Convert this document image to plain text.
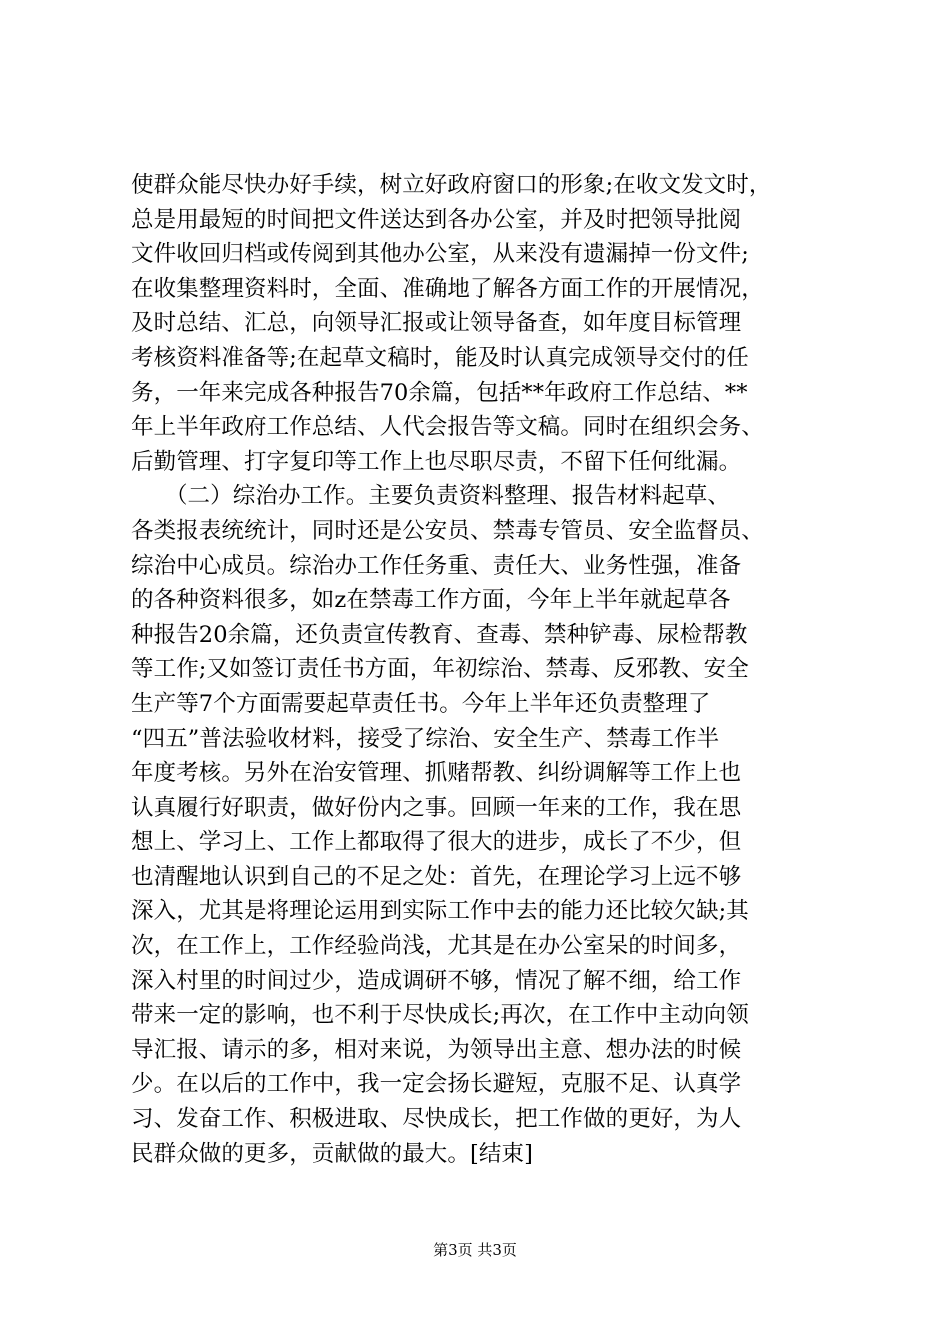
使群众能尽快办好手续，树立好政府窗口的形象;在收文发文时，
总是用最短的时间把文件送达到各办公室，并及时把领导批阅
文件收回归档或传阅到其他办公室，从来没有遗漏掉一份文件;
在收集整理资料时，全面、准确地了解各方面工作的开展情况，
及时总结、汇总，向领导汇报或让领导备查，如年度目标管理
考核资料准备等;在起草文稿时，能及时认真完成领导交付的任
务，一年来完成各种报告70余篇，包括**年政府工作总结、**
年上半年政府工作总结、人代会报告等文稿。同时在组织会务、
后勤管理、打字复印等工作上也尽职尽责，不留下任何纰漏。
　　（二）综治办工作。主要负责资料整理、报告材料起草、
各类报表统统计，同时还是公安员、禁毒专管员、安全监督员、
综治中心成员。综治办工作任务重、责任大、业务性强，准备
的各种资料很多，如z在禁毒工作方面，今年上半年就起草各
种报告20余篇，还负责宣传教育、查毒、禁种铲毒、尿检帮教
等工作;又如签订责任书方面，年初综治、禁毒、反邪教、安全
生产等7个方面需要起草责任书。今年上半年还负责整理了
“四五”普法验收材料，接受了综治、安全生产、禁毒工作半
年度考核。另外在治安管理、抓赌帮教、纠纷调解等工作上也
认真履行好职责，做好份内之事。回顾一年来的工作，我在思
想上、学习上、工作上都取得了很大的进步，成长了不少，但
也清醒地认识到自己的不足之处：首先，在理论学习上远不够
深入，尤其是将理论运用到实际工作中去的能力还比较欠缺;其
次，在工作上，工作经验尚浅，尤其是在办公室呆的时间多，
深入村里的时间过少，造成调研不够，情况了解不细，给工作
带来一定的影响，也不利于尽快成长;再次，在工作中主动向领
导汇报、请示的多，相对来说，为领导出主意、想办法的时候
少。在以后的工作中，我一定会扬长避短，克服不足、认真学
习、发奋工作、积极进取、尽快成长，把工作做的更好，为人
民群众做的更多，贡献做的最大。[结束]
第3页 共3页
